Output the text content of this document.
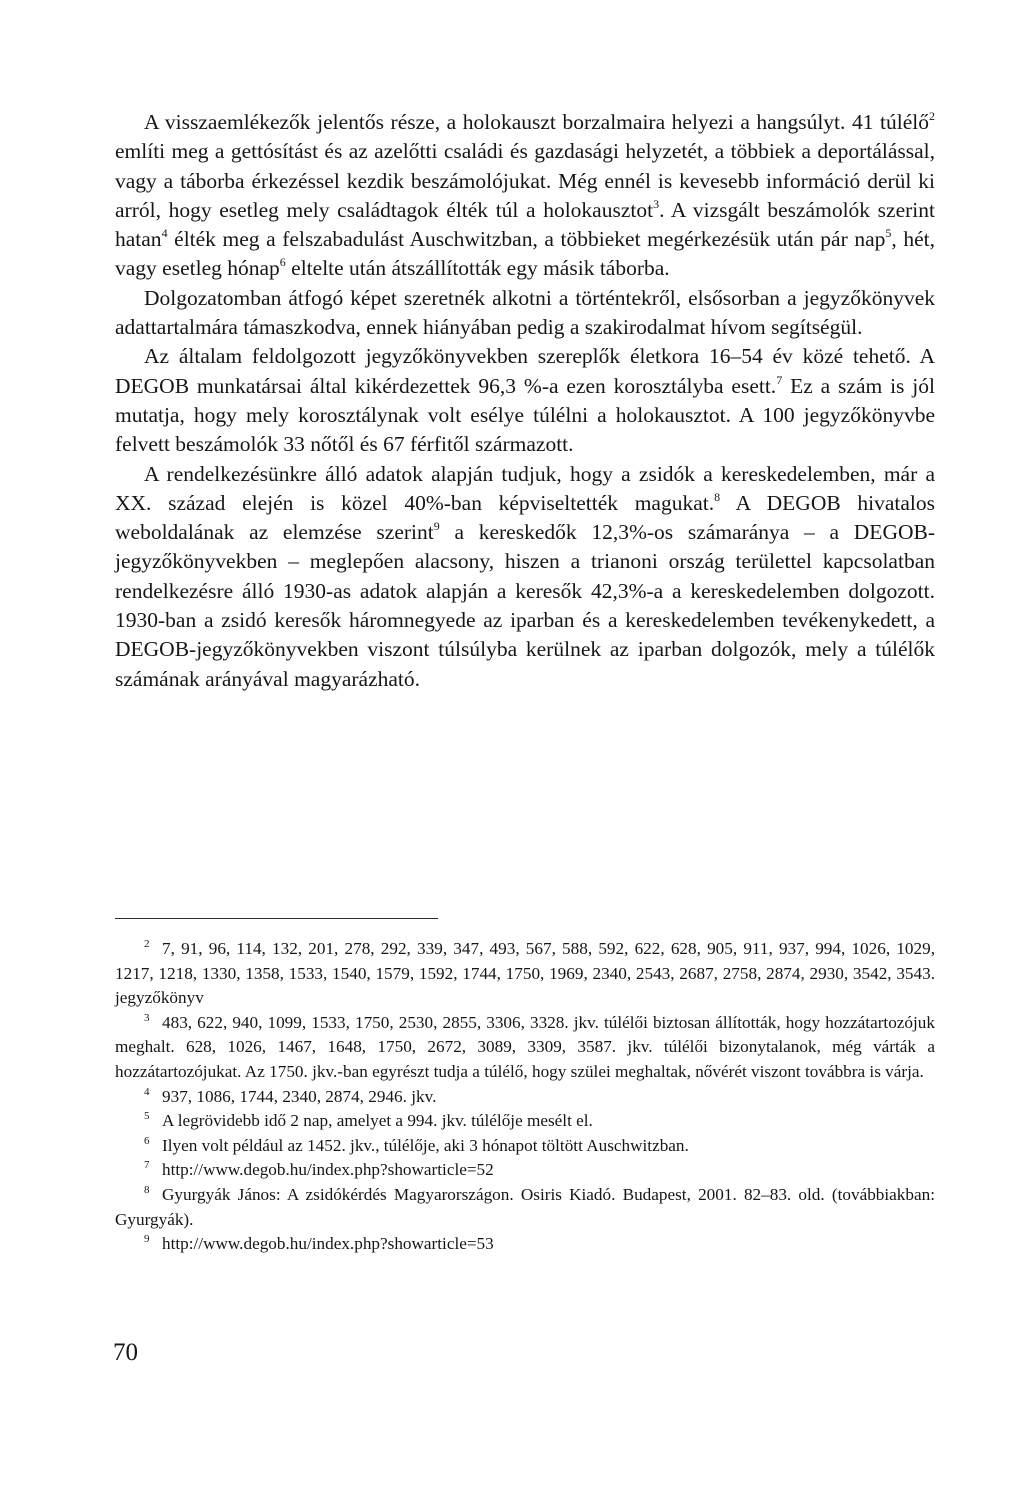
A visszaemlékezők jelentős része, a holokauszt borzalmaira helyezi a hangsúlyt. 41 túlélő$^2$ említi meg a gettósítást és az azelőtti családi és gazdasági helyzetét, a többiek a deportálással, vagy a táborba érkezéssel kezdik beszámolójukat. Még ennél is kevesebb információ derül ki arról, hogy esetleg mely családtagok élték túl a holokausztot$^3$. A vizsgált beszámolók szerint hatan$^4$ élték meg a felszabadulást Auschwitzban, a többieket megérkezésük után pár nap$^5$, hét, vagy esetleg hónap$^6$ eltelte után átszállították egy másik táborba.

Dolgozatomban átfogó képet szeretnék alkotni a történtekről, elsősorban a jegyzőkönyvek adattartalmára támaszkodva, ennek hiányában pedig a szakirodalmat hívom segítségül.

Az általam feldolgozott jegyzőkönyvekben szereplők életkora 16–54 év közé tehető. A DEGOB munkatársai által kikérdezettek 96,3 %-a ezen korosztályba esett.$^7$ Ez a szám is jól mutatja, hogy mely korosztálynak volt esélye túlélni a holokausztot. A 100 jegyzőkönyvbe felvett beszámolók 33 nőtől és 67 férfitől származott.

A rendelkezésünkre álló adatok alapján tudjuk, hogy a zsidók a kereskedelemben, már a XX. század elején is közel 40%-ban képviseltették magukat.$^8$ A DEGOB hivatalos weboldalának az elemzése szerint$^9$ a kereskedők 12,3%-os számaránya – a DEGOB-jegyzőkönyvekben – meglepően alacsony, hiszen a trianoni ország területtel kapcsolatban rendelkezésre álló 1930-as adatok alapján a keresők 42,3%-a a kereskedelemben dolgozott. 1930-ban a zsidó keresők háromnegyede az iparban és a kereskedelemben tevékenykedett, a DEGOB-jegyzőkönyvekben viszont túlsúlyba kerülnek az iparban dolgozók, mely a túlélők számának arányával magyarázható.

2 7, 91, 96, 114, 132, 201, 278, 292, 339, 347, 493, 567, 588, 592, 622, 628, 905, 911, 937, 994, 1026, 1029, 1217, 1218, 1330, 1358, 1533, 1540, 1579, 1592, 1744, 1750, 1969, 2340, 2543, 2687, 2758, 2874, 2930, 3542, 3543. jegyzőkönyv

3 483, 622, 940, 1099, 1533, 1750, 2530, 2855, 3306, 3328. jkv. túlélői biztosan állították, hogy hozzátartozójuk meghalt. 628, 1026, 1467, 1648, 1750, 2672, 3089, 3309, 3587. jkv. túlélői bizonytalanok, még várták a hozzátartozójukat. Az 1750. jkv.-ban egyrészt tudja a túlélő, hogy szülei meghaltak, nővérét viszont továbbra is várja.

4 937, 1086, 1744, 2340, 2874, 2946. jkv.

5 A legrövidebb idő 2 nap, amelyet a 994. jkv. túlélője mesélt el.

6 Ilyen volt például az 1452. jkv., túlélője, aki 3 hónapot töltött Auschwitzban.

7 http://www.degob.hu/index.php?showarticle=52

8 Gyurgyák János: A zsidókérdés Magyarországon. Osiris Kiadó. Budapest, 2001. 82–83. old. (továbbiakban: Gyurgyák).

9 http://www.degob.hu/index.php?showarticle=53

70
